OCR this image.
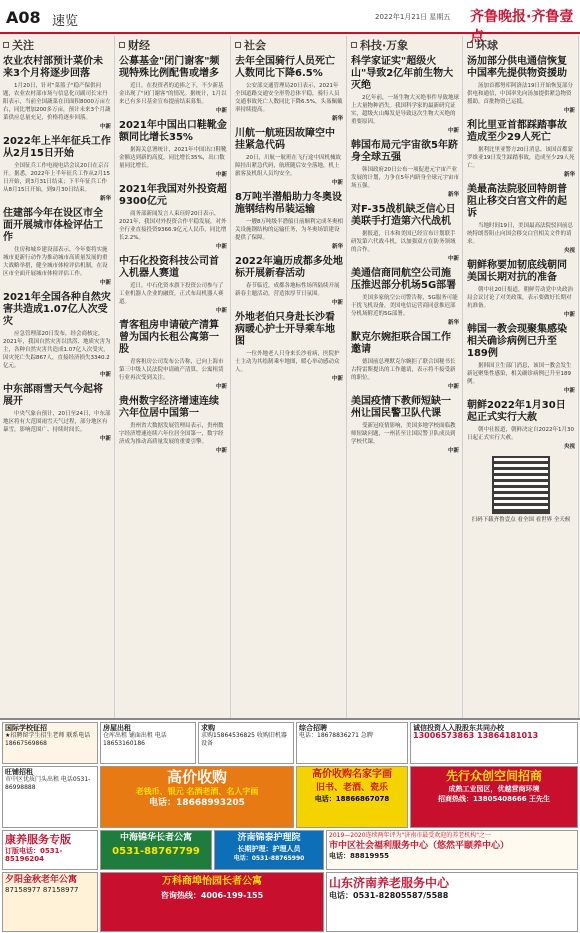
A08 速览	2022年1月21日 星期五 齐鲁晚报·齐鲁壹点
关注
农业农村部预计菜价未来3个月将逐步回落
1月20日，针对"菜篮子"稳产保供问题，农业农村部市场与信息化司副司长宋丹阳表示，当前全国蔬菜在田面积8000万亩左右，同比增加200多万亩，预计未来3个月蔬菜供应总量充足，价格将逐步回落。
中新
2022年上半年征兵工作从2月15日开始
全国征兵工作电视电话会议20日在京召开。据悉，2022年上半年征兵工作从2月15日开始，到3月31日结束；下半年征兵工作从8月15日开始，到9月30日结束。
新华
住建部今年在设区市全面开展城市体检评估工作
住房和城乡建设部表示，今年要将实施城市更新行动作为推动城市高质量发展的重大战略举措，健全城市体检评估机制，在设区市全面开展城市体检评估工作。
中新
2021年全国各种自然灾害共造成1.07亿人次受灾
应急管理部20日发布，经会商核定，2021年，我国自然灾害以洪涝、地质灾害为主，各种自然灾害共造成1.07亿人次受灾，因灾死亡失踪867人，直接经济损失3340.2亿元。
中新
中东部雨雪天气今起将展开
中央气象台预计，20日至24日，中东部地区将有大范围雨雪天气过程，部分地区有暴雪，影响范围广、持续时间长。
中新
财经
公募基金"闭门谢客"频现特殊比例配售或增多
近日，在投资者的追捧之下，不少新基金出现了"闭门谢客"的情况。据统计，1月以来已有多只基金宣布提前结束募集。
中新
2021年中国出口鞋靴金额同比增长35%
据海关总署统计，2021年中国出口鞋靴金额达到新的高度，同比增长35%，出口数量同比增长。
中新
2021年我国对外投资超9300亿元
商务部新闻发言人束珏婷20日表示，2021年，我国对外投资合作平稳发展，对外全行业直接投资9366.9亿元人民币，同比增长2.2%。
中新
中石化投资科技公司首入机器人赛道
近日，中石化资本旗下投资公司参与了工业机器人企业的融资，正式布局机器人赛道。
中新
青客租房申请破产清算曾为国内长租公寓第一股
青客租房公司发布公告称，已向上海市第三中级人民法院申请破产清算，公寓租赁行业再次受到关注。
中新
贵州数字经济增速连续六年位居中国第一
贵州省大数据发展管理局表示，贵州数字经济增速连续六年位居全国第一，数字经济成为推动高质量发展的重要引擎。
中新
社会
去年全国骑行人员死亡人数同比下降6.5%
公安部交通管理局20日表示，2021年全国道路交通安全形势总体平稳，骑行人员交通事故死亡人数同比下降6.5%，头盔佩戴率持续提高。
新华
川航一航班因故障空中挂紧急代码
20日，川航一航班在飞行途中因机械故障挂出紧急代码，航班随后安全落地，机上旅客及机组人员均安全。
中新
8万吨半潜船助力冬奥设施钢结构吊装运输
一艘8万吨级半潜船日前顺利完成冬奥相关设施钢结构的运输任务，为冬奥场馆建设提供了保障。
新华
2022年遍历成都多处地标开展新春活动
春节临近，成都各地标性场所陆续开展新春主题活动，营造浓厚节日氛围。
中新
外地老伯只身赴长沙看病暖心护士开导乘车地图
一位外地老人只身来长沙看病，医院护士主动为其绘制乘车地图，暖心举动感动众人。
中新
科技·万象
科学家证实"超级火山"导致2亿年前生物大灭绝
2亿年前，一场生物大灭绝事件导致地球上大量物种消失。我国科学家的最新研究证实，超级火山爆发是导致这次生物大灭绝的重要原因。
中新
韩国布局元宇宙欲5年跻身全球五强
韩国政府20日公布一项促进元宇宙产业发展的计划，力争在5年内跻身全球元宇宙市场五强。
新华
对F-35战机缺乏信心日美联手打造第六代战机
据报道，日本和美国已经宣布计划联手研发第六代战斗机，以加强双方在防务领域的合作。
中新
美通信商同航空公司施压推迟部分机场5G部署
美国多家航空公司警告称，5G服务可能干扰飞机设备，美国电信运营商同意推迟部分机场附近的5G部署。
新华
默克尔婉拒联合国工作邀请
德国前总理默克尔婉拒了联合国秘书长古特雷斯提出的工作邀请，表示将不接受新的职位。
中新
美国疫情下教师短缺一州让国民警卫队代课
受新冠疫情影响，美国多地学校面临教师短缺问题，一州甚至让国民警卫队成员到学校代课。
中新
环球
汤加部分供电通信恢复中国率先提供物资援助
汤加首都努库阿洛法19日开始恢复部分供电和通信，中国率先向汤加提供紧急物资援助，首批物资已运抵。
中新
利比里亚首都踩踏事故造成至少29人死亡
据利比里亚警方20日消息，该国首都蒙罗维亚19日发生踩踏事故，造成至少29人死亡。
新华
美最高法院驳回特朗普阻止移交白宫文件的起诉
当地时间19日，美国最高法院驳回前总统特朗普阻止向国会移交白宫相关文件的请求。
央视
朝鲜称要加韧底线朝同美国长期对抗的准备
朝中社20日报道，朝鲜劳动党中央政治局会议讨论了对美政策，表示要做好长期对抗准备。
中新
韩国一教会现聚集感染相关确诊病例已升至189例
据韩国卫生部门消息，该国一教会发生新冠聚集性感染，相关确诊病例已升至189例。
中新
朝鲜2022年1月30日起正式实行大赦
朝中社报道，朝鲜决定自2022年1月30日起正式实行大赦。
央视
扫码下载齐鲁壹点 看全国 看世界 全天候
国际学校征招
★招聘留学生招生老师 联系电话18667569868
房屋出租
仓库出租 铺面出租 电话18653160186
求购
求购15864536825 收购旧机器设备
综合招聘
电话：18678836271 急聘
诚信投资人入股股东共同办校
13006573863 13864181013
旺铺招租
市中区优质门头出租 电话0531-86998888
高价收购
老钱币、银元 名酒老酒、名人字画
电话：18668993205
高价收购名家字画
旧书、老酒、瓷乐
电话：18866867078
先行众创空间招商
成熟工业园区，优越营商环境
招商热线：13805408666 王先生
康养服务专版
订版电话：0531-85196204
中海锦华长者公寓
0531-88767799
济南锦泰护理院
长期护理：护理人员
电话：0531-88765990
2019—2020连续两年评为"济南市最受欢迎的养老机构"之一
市中区社会福利服务中心（悠然平颐养中心）
电话：88819955
夕阳金秋老年公寓
87158977 87158977
万科商埠怡园长者公寓
咨询热线：4006-199-155
山东济南养老服务中心
电话：0531-82805587/5588
